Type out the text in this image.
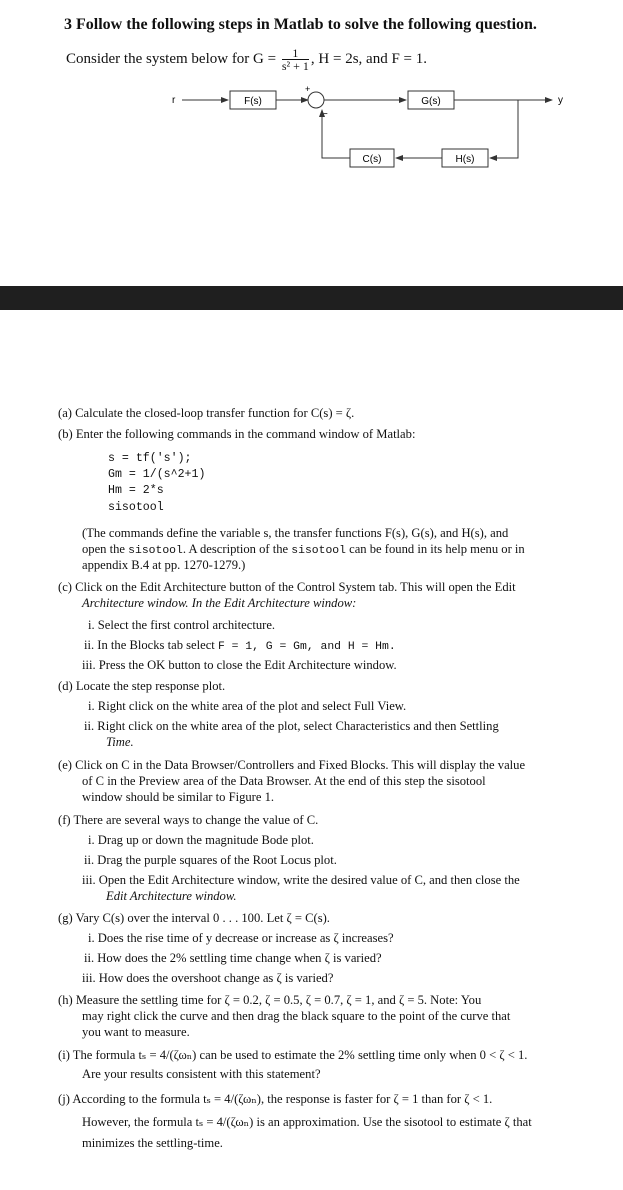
3 Follow the following steps in Matlab to solve the following question.
Consider the system below for $G = \frac{1}{\text{s² + 1}}$ , H = 2s, and F = 1.
r	F(s)
+
−
G(s)	y
H(s)
C(s)
(a) Calculate the closed-loop transfer function for C(s) = ζ.
(b) Enter the following commands in the command window of Matlab:
s = tf('s');
Gm = 1/(s^2+1)
Hm = 2*s
sisotool
(The commands define the variable s, the transfer functions F(s), G(s), and H(s), and
open the sisotool. A description of the sisotool can be found in its help menu or in
appendix B.4 at pp. 1270-1279.)
(c) Click on the Edit Architecture button of the Control System tab. This will open the Edit
Architecture window. In the Edit Architecture window:
i. Select the first control architecture.
ii. In the Blocks tab select F = 1, G = Gm, and H = Hm.
iii. Press the OK button to close the Edit Architecture window.
(d) Locate the step response plot.
i. Right click on the white area of the plot and select Full View.
ii. Right click on the white area of the plot, select Characteristics and then Settling
Time.
(e) Click on C in the Data Browser/Controllers and Fixed Blocks. This will display the value
of C in the Preview area of the Data Browser. At the end of this step the sisotool
window should be similar to Figure 1.
(f) There are several ways to change the value of C.
i. Drag up or down the magnitude Bode plot.
ii. Drag the purple squares of the Root Locus plot.
iii. Open the Edit Architecture window, write the desired value of C, and then close the
Edit Architecture window.
(g) Vary C(s) over the interval 0 . . . 100. Let ζ = C(s).
i. Does the rise time of y decrease or increase as ζ increases?
ii. How does the 2% settling time change when ζ is varied?
iii. How does the overshoot change as ζ is varied?
(h) Measure the settling time for ζ = 0.2, ζ = 0.5, ζ = 0.7, ζ = 1, and ζ = 5. Note: You
may right click the curve and then drag the black square to the point of the curve that
you want to measure.
(i) The formula tₛ = 4/(ζωₙ) can be used to estimate the 2% settling time only when 0 < ζ < 1.
Are your results consistent with this statement?
(j) According to the formula tₛ = 4/(ζωₙ), the response is faster for ζ = 1 than for ζ < 1.
However, the formula tₛ = 4/(ζωₙ) is an approximation. Use the sisotool to estimate ζ that
minimizes the settling-time.
